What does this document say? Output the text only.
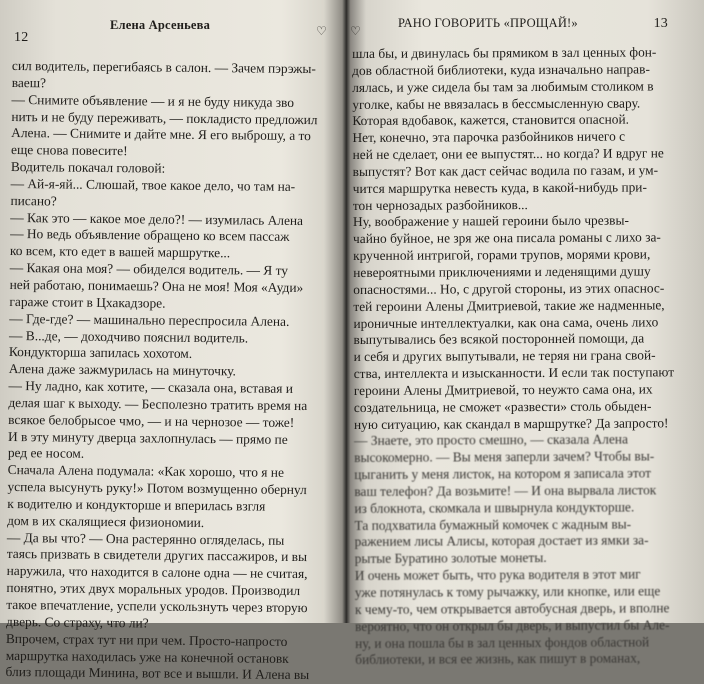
12
Елена Арсеньева	♡
сил водитель, перегибаясь в салон. — Зачем пэрэжы-
ваеш?
— Снимите объявление — и я не буду никуда зво
нить и не буду переживать, — покладисто предложил
Алена. — Снимите и дайте мне. Я его выброшу, а то
еще снова повесите!
Водитель покачал головой:
— Ай-я-яй... Слюшай, твое какое дело, чо там на-
писано?
— Как это — какое мое дело?! — изумилась Алена
— Но ведь объявление обращено ко всем пассаж
ко всем, кто едет в вашей маршрутке...
— Какая она моя? — обиделся водитель. — Я ту
ней работаю, понимаешь? Она не моя! Моя «Ауди»
гараже стоит в Цхакадзоре.
— Где-где? — машинально переспросила Алена.
— В...де, — доходчиво пояснил водитель.
Кондукторша запилась хохотом.
Алена даже зажмурилась на минуточку.
— Ну ладно, как хотите, — сказала она, вставая и
делая шаг к выходу. — Бесполезно тратить время на
всякое белобрысое чмо, — и на чернозое — тоже!
И в эту минуту дверца захлопнулась — прямо пе
ред ее носом.
Сначала Алена подумала: «Как хорошо, что я не
успела высунуть руку!» Потом возмущенно обернул
к водителю и кондукторше и вперилась взгля
дом в их скалящиеся физиономии.
— Да вы что? — Она растерянно огляделась, пы
таясь призвать в свидетели других пассажиров, и вы
наружила, что находится в салоне одна — не считая,
понятно, этих двух моральных уродов. Производил
такое впечатление, успели ускользнуть через вторую
дверь. Со страху, что ли?
Впрочем, страх тут ни при чем. Просто-напросто
маршрутка находилась уже на конечной остановк
близ площади Минина, вот все и вышли. И Алена вы
♡
РАНО ГОВОРИТЬ «ПРОЩАЙ!»	13
шла бы, и двинулась бы прямиком в зал ценных фон-
дов областной библиотеки, куда изначально направ-
лялась, и уже сидела бы там за любимым столиком в
уголке, кабы не ввязалась в бессмысленную свару.
Которая вдобавок, кажется, становится опасной.
Нет, конечно, эта парочка разбойников ничего с
ней не сделает, они ее выпустят... но когда? И вдруг не
выпустят? Вот как даст сейчас водила по газам, и ум-
чится маршрутка невесть куда, в какой-нибудь при-
тон чернозадых разбойников...
Ну, воображение у нашей героини было чрезвы-
чайно буйное, не зря же она писала романы с лихо за-
крученной интригой, горами трупов, морями крови,
невероятными приключениями и леденящими душу
опасностями... Но, с другой стороны, из этих опаснос-
тей героини Алены Дмитриевой, такие же надменные,
ироничные интеллектуалки, как она сама, очень лихо
выпутывались без всякой посторонней помощи, да
и себя и других выпутывали, не теряя ни грана свой-
ства, интеллекта и изысканности. И если так поступают
героини Алены Дмитриевой, то неужто сама она, их
создательница, не сможет «развести» столь обыден-
ную ситуацию, как скандал в маршрутке? Да запросто!
— Знаете, это просто смешно, — сказала Алена
высокомерно. — Вы меня заперли зачем? Чтобы вы-
цыганить у меня листок, на котором я записала этот
ваш телефон? Да возьмите! — И она вырвала листок
из блокнота, скомкала и швырнула кондукторше.
Та подхватила бумажный комочек с жадным вы-
ражением лисы Алисы, которая достает из ямки за-
рытые Буратино золотые монеты.
И очень может быть, что рука водителя в этот миг
уже потянулась к тому рычажку, или кнопке, или еще
к чему-то, чем открывается автобусная дверь, и вполне
вероятно, что он открыл бы дверь, и выпустил бы Але-
ну, и она пошла бы в зал ценных фондов областной
библиотеки, и вся ее жизнь, как пишут в романах,
